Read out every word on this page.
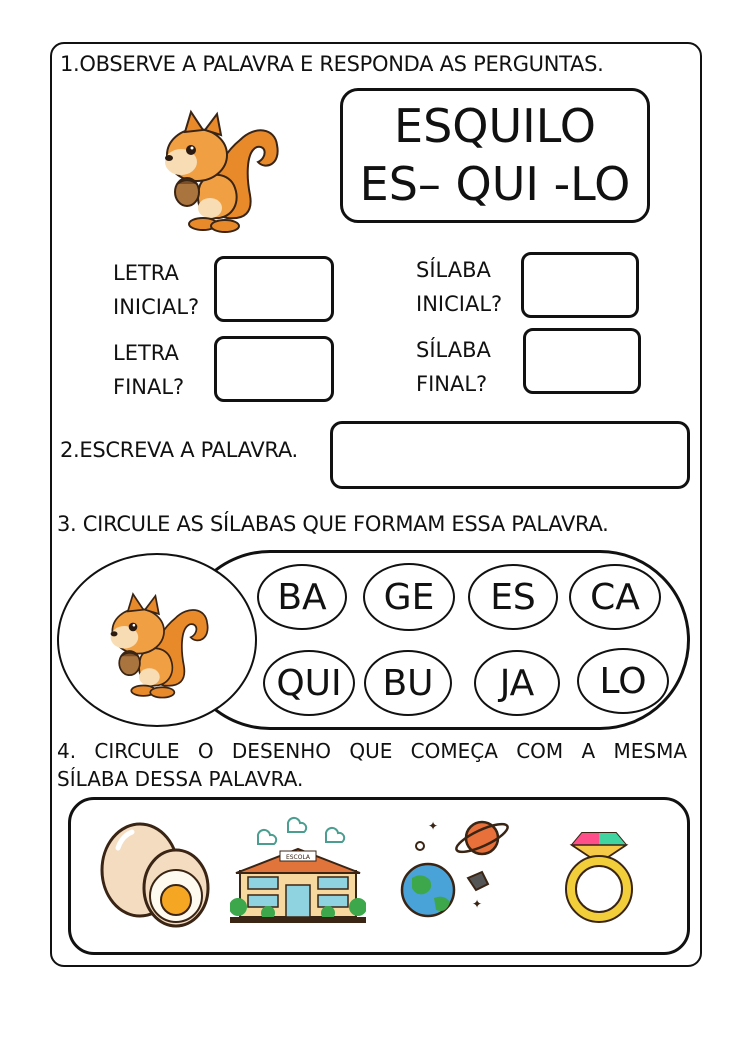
1.OBSERVE A PALAVRA E RESPONDA AS PERGUNTAS.
ESQUILO
ES– QUI -LO
LETRA
INICIAL?
LETRA
FINAL?
SÍLABA
INICIAL?
SÍLABA
FINAL?
2.ESCREVA A PALAVRA.
3. CIRCULE AS SÍLABAS QUE FORMAM ESSA PALAVRA.
BA	GE	ES	CA
QUI	BU	JA	LO
4. CIRCULE O DESENHO QUE COMEÇA COM A MESMA
SÍLABA DESSA PALAVRA.
ESCOLA
✦
✦
